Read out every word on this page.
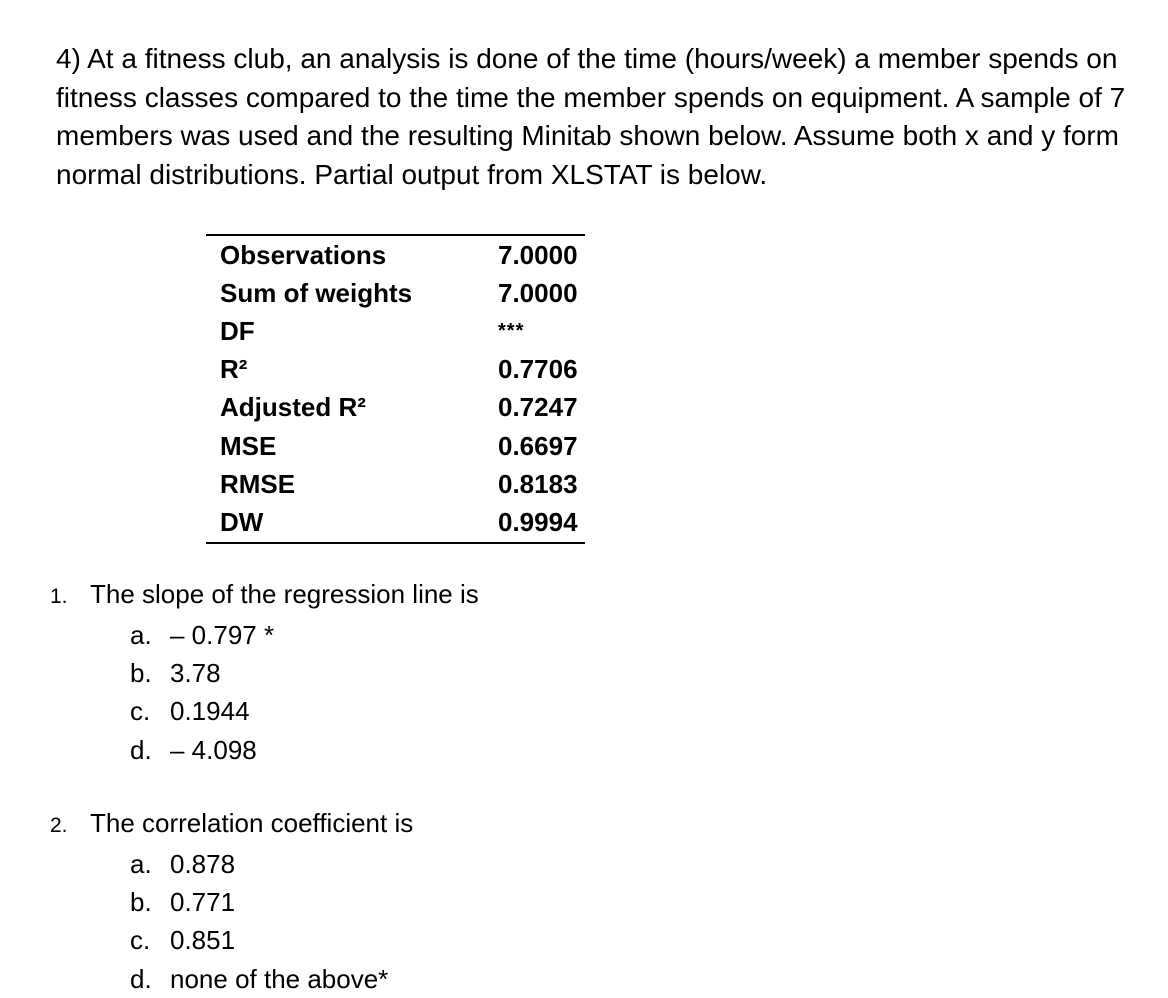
4) At a fitness club, an analysis is done of the time (hours/week) a member spends on fitness classes compared to the time the member spends on equipment. A sample of 7 members was used and the resulting Minitab shown below. Assume both x and y form normal distributions. Partial output from XLSTAT is below.

Observations	7.0000
Sum of weights	7.0000
DF	***
R²	0.7706
Adjusted R²	0.7247
MSE	0.6697
RMSE	0.8183
DW	0.9994

1. The slope of the regression line is

a. – 0.797 *
b. 3.78
c. 0.1944
d. – 4.098

2. The correlation coefficient is

a. 0.878
b. 0.771
c. 0.851
d. none of the above*
